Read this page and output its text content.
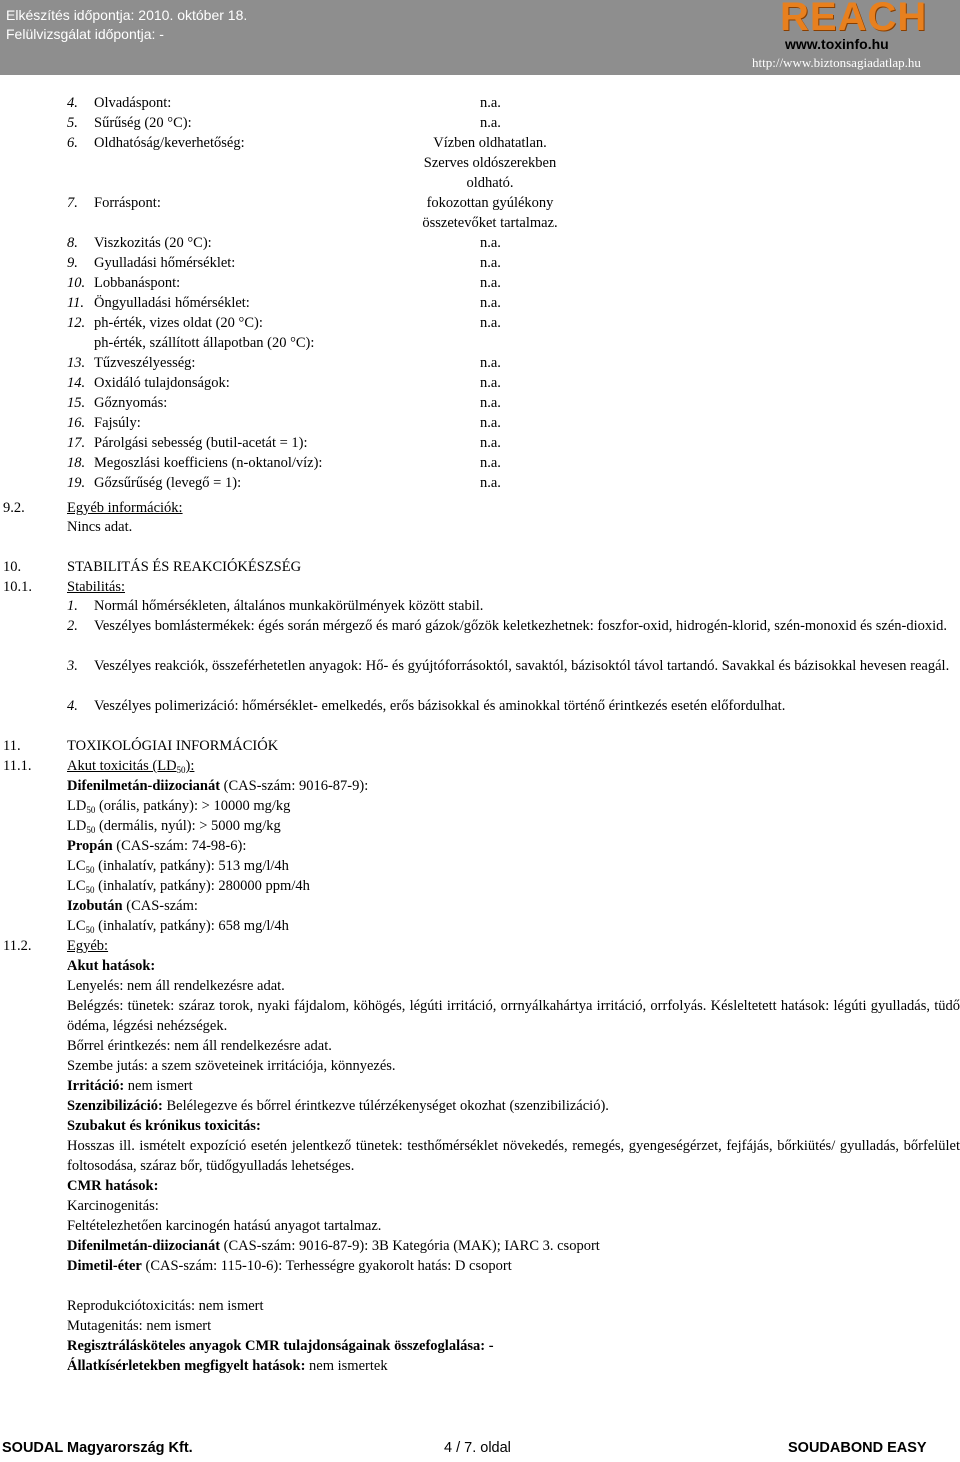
Elkészítés időpontja: 2010. október 18.
Felülvizsgálat időpontja: -	REACH
www.toxinfo.hu
http://www.biztonsagiadatlap.hu
4. Olvadáspont:	n.a.
5. Sűrűség (20 °C):	n.a.
6. Oldhatóság/keverhetőség:	Vízben oldhatatlan.
Szerves oldószerekben
oldható.
7. Forráspont:	fokozottan gyúlékony
összetevőket tartalmaz.
8. Viszkozitás (20 °C):	n.a.
9. Gyulladási hőmérséklet:	n.a.
10. Lobbanáspont:	n.a.
11. Öngyulladási hőmérséklet:	n.a.
12. ph-érték, vizes oldat (20 °C):	n.a.
ph-érték, szállított állapotban (20 °C):
13. Tűzveszélyesség:	n.a.
14. Oxidáló tulajdonságok:	n.a.
15. Gőznyomás:	n.a.
16. Fajsúly:	n.a.
17. Párolgási sebesség (butil-acetát = 1):	n.a.
18. Megoszlási koefficiens (n-oktanol/víz):	n.a.
19. Gőzsűrűség (levegő = 1):	n.a.
9.2.	Egyéb információk:
Nincs adat.
10.	STABILITÁS ÉS REAKCIÓKÉSZSÉG
10.1. Stabilitás:
1. Normál hőmérsékleten, általános munkakörülmények között stabil.
2. Veszélyes bomlástermékek: égés során mérgező és maró gázok/gőzök keletkezhetnek: foszfor-oxid, hidrogén-klorid, szén-monoxid és szén-dioxid.
3. Veszélyes reakciók, összeférhetetlen anyagok: Hő- és gyújtóforrásoktól, savaktól, bázisoktól távol tartandó. Savakkal és bázisokkal hevesen reagál.
4. Veszélyes polimerizáció: hőmérséklet- emelkedés, erős bázisokkal és aminokkal történő érintkezés esetén előfordulhat.
11.	TOXIKOLÓGIAI INFORMÁCIÓK
11.1. Akut toxicitás $(LD_{50})$:
Difenilmetán-diizocianát (CAS-szám: 9016-87-9):
$LD_{50}$ (orális, patkány): > 10000 mg/kg
$LD_{50}$ (dermális, nyúl): > 5000 mg/kg
Propán (CAS-szám: 74-98-6):
$LC_{50}$ (inhalatív, patkány): 513 mg/l/4h
$LC_{50}$ (inhalatív, patkány): 280000 ppm/4h
Izobután (CAS-szám:
$LC_{50}$ (inhalatív, patkány): 658 mg/l/4h
11.2. Egyéb:
Akut hatások:
Lenyelés: nem áll rendelkezésre adat.
Belégzés: tünetek: száraz torok, nyaki fájdalom, köhögés, légúti irritáció, orrnyálkahártya irritáció, orrfolyás. Késleltetett hatások: légúti gyulladás, tüdő ödéma, légzési nehézségek.
Bőrrel érintkezés: nem áll rendelkezésre adat.
Szembe jutás: a szem szöveteinek irritációja, könnyezés.
Irritáció: nem ismert
Szenzibilizáció: Belélegezve és bőrrel érintkezve túlérzékenységet okozhat (szenzibilizáció).
Szubakut és krónikus toxicitás:
Hosszas ill. ismételt expozíció esetén jelentkező tünetek: testhőmérséklet növekedés, remegés, gyengeségérzet, fejfájás, bőrkiütés/ gyulladás, bőrfelület foltosodása, száraz bőr, tüdőgyulladás lehetséges.
CMR hatások:
Karcinogenitás:
Feltételezhetően karcinogén hatású anyagot tartalmaz.
Difenilmetán-diizocianát (CAS-szám: 9016-87-9): 3B Kategória (MAK); IARC 3. csoport
Dimetil-éter (CAS-szám: 115-10-6): Terhességre gyakorolt hatás: D csoport
Reprodukciótoxicitás: nem ismert
Mutagenitás: nem ismert
Regisztrálásköteles anyagok CMR tulajdonságainak összefoglalása: -
Állatkísérletekben megfigyelt hatások: nem ismertek
SOUDAL Magyarország Kft.	4 / 7. oldal	SOUDABOND EASY
